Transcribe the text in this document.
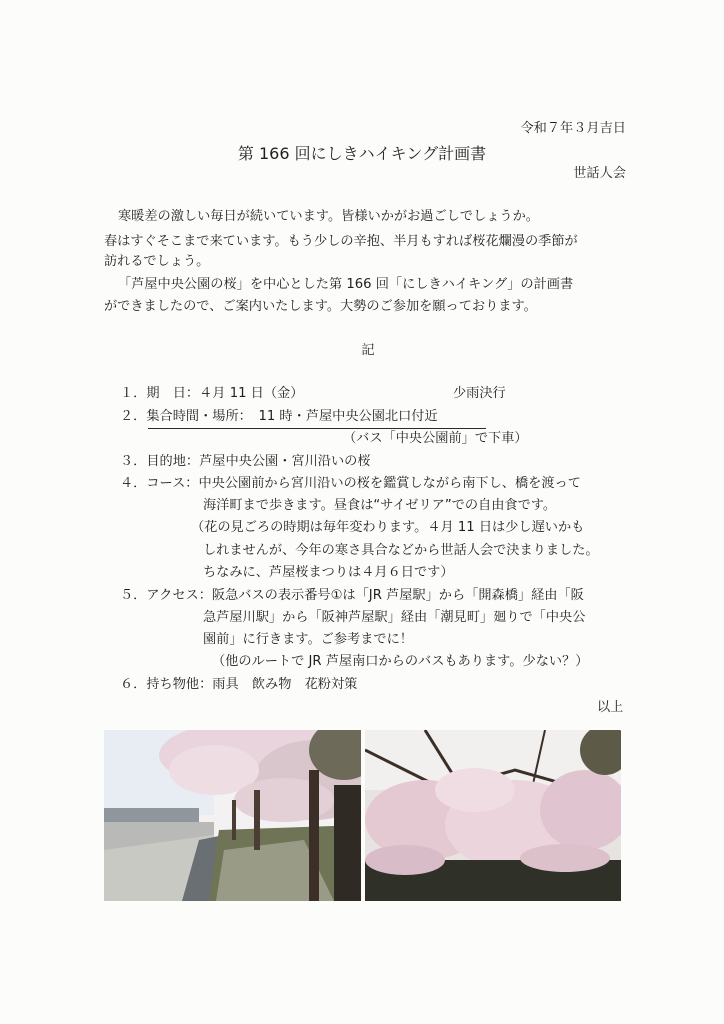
令和７年３月吉日
第 166 回にしきハイキング計画書
世話人会
寒暖差の激しい毎日が続いています。皆様いかがお過ごしでしょうか。
春はすぐそこまで来ています。もう少しの辛抱、半月もすれば桜花爛漫の季節が
訪れるでしょう。
「芦屋中央公園の桜」を中心とした第 166 回「にしきハイキング」の計画書
ができましたので、ご案内いたします。大勢のご参加を願っております。
記
１．期　日：４月 11 日（金）	少雨決行
２．集合時間・場所：　11 時・芦屋中央公園北口付近
（バス「中央公園前」で下車）
３．目的地：芦屋中央公園・宮川沿いの桜
４．コース：中央公園前から宮川沿いの桜を鑑賞しながら南下し、橋を渡って
海洋町まで歩きます。昼食は“サイゼリア”での自由食です。
（花の見ごろの時期は毎年変わります。４月 11 日は少し遅いかも
しれませんが、今年の寒さ具合などから世話人会で決まりました。
ちなみに、芦屋桜まつりは４月６日です）
５．アクセス：阪急バスの表示番号①は「JR 芦屋駅」から「開森橋」経由「阪
急芦屋川駅」から「阪神芦屋駅」経由「潮見町」廻りで「中央公
園前」に行きます。ご参考までに！
（他のルートで JR 芦屋南口からのバスもあります。少ない？）
６．持ち物他：雨具　飲み物　花粉対策
以上
